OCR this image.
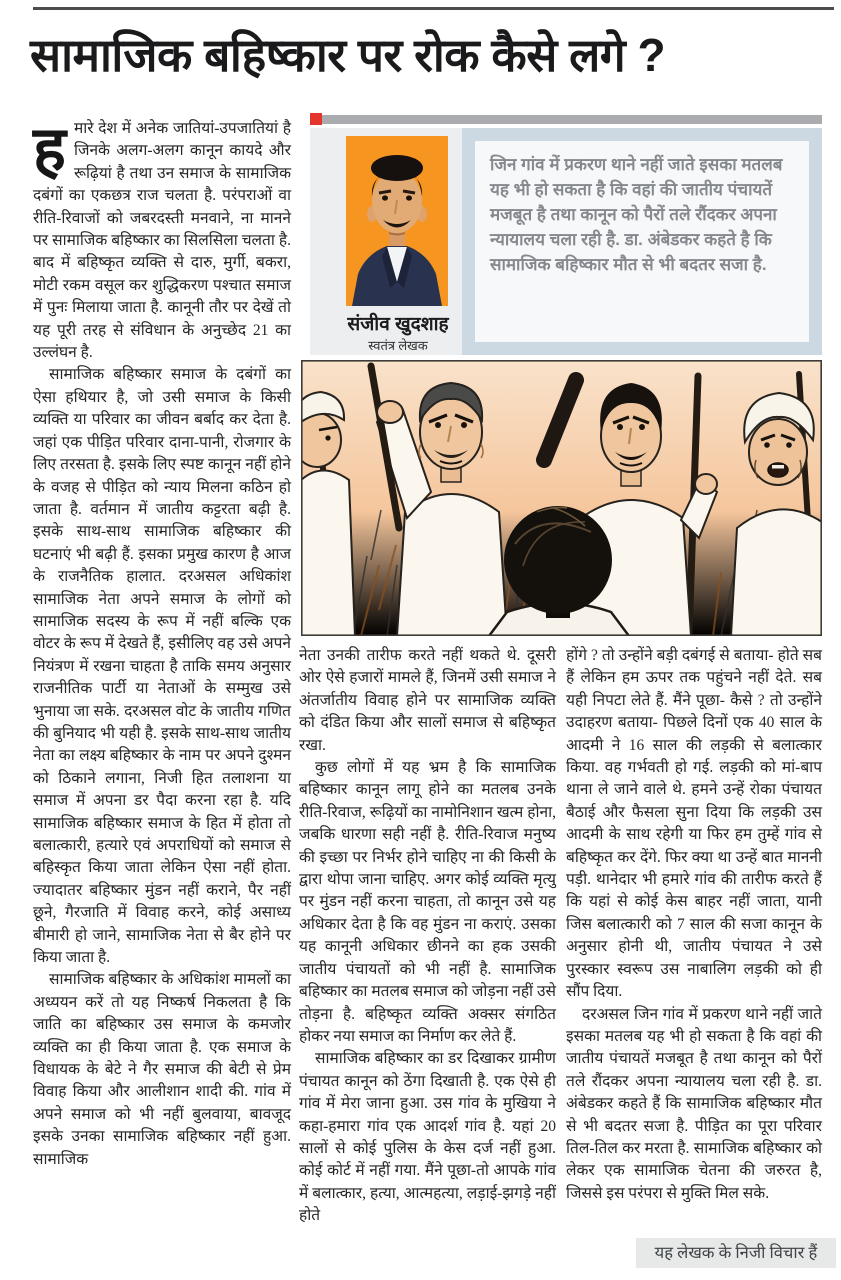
सामाजिक बहिष्कार पर रोक कैसे लगे ?

हमारे देश में अनेक जातियां-उपजातियां है जिनके अलग-अलग कानून कायदे और रूढ़ियां है तथा उन समाज के सामाजिक दबंगों का एकछत्र राज चलता है. परंपराओं वा रीति-रिवाजों को जबरदस्ती मनवाने, ना मानने पर सामाजिक बहिष्कार का सिलसिला चलता है. बाद में बहिष्कृत व्यक्ति से दारु, मुर्गी, बकरा, मोटी रकम वसूल कर शुद्धिकरण पश्चात समाज में पुनः मिलाया जाता है. कानूनी तौर पर देखें तो यह पूरी तरह से संविधान के अनुच्छेद 21 का उल्लंघन है.

सामाजिक बहिष्कार समाज के दबंगों का ऐसा हथियार है, जो उसी समाज के किसी व्यक्ति या परिवार का जीवन बर्बाद कर देता है. जहां एक पीड़ित परिवार दाना-पानी, रोजगार के लिए तरसता है. इसके लिए स्पष्ट कानून नहीं होने के वजह से पीड़ित को न्याय मिलना कठिन हो जाता है. वर्तमान में जातीय कट्टरता बढ़ी है. इसके साथ-साथ सामाजिक बहिष्कार की घटनाएं भी बढ़ी हैं. इसका प्रमुख कारण है आज के राजनैतिक हालात. दरअसल अधिकांश सामाजिक नेता अपने समाज के लोगों को सामाजिक सदस्य के रूप में नहीं बल्कि एक वोटर के रूप में देखते हैं, इसीलिए वह उसे अपने नियंत्रण में रखना चाहता है ताकि समय अनुसार राजनीतिक पार्टी या नेताओं के सम्मुख उसे भुनाया जा सके. दरअसल वोट के जातीय गणित की बुनियाद भी यही है. इसके साथ-साथ जातीय नेता का लक्ष्य बहिष्कार के नाम पर अपने दुश्मन को ठिकाने लगाना, निजी हित तलाशना या समाज में अपना डर पैदा करना रहा है. यदि सामाजिक बहिष्कार समाज के हित में होता तो बलात्कारी, हत्यारे एवं अपराधियों को समाज से बहिस्कृत किया जाता लेकिन ऐसा नहीं होता. ज्यादातर बहिष्कार मुंडन नहीं कराने, पैर नहीं छूने, गैरजाति में विवाह करने, कोई असाध्य बीमारी हो जाने, सामाजिक नेता से बैर होने पर किया जाता है.

सामाजिक बहिष्कार के अधिकांश मामलों का अध्ययन करें तो यह निष्कर्ष निकलता है कि जाति का बहिष्कार उस समाज के कमजोर व्यक्ति का ही किया जाता है. एक समाज के विधायक के बेटे ने गैर समाज की बेटी से प्रेम विवाह किया और आलीशान शादी की. गांव में अपने समाज को भी नहीं बुलवाया, बावजूद इसके उनका सामाजिक बहिष्कार नहीं हुआ. सामाजिक

संजीव खुदशाह
स्वतंत्र लेखक
जिन गांव में प्रकरण थाने नहीं जाते इसका मतलब यह भी हो सकता है कि वहां की जातीय पंचायतें मजबूत है तथा कानून को पैरों तले रौंदकर अपना न्यायालय चला रही है. डा. अंबेडकर कहते है कि सामाजिक बहिष्कार मौत से भी बदतर सजा है.

नेता उनकी तारीफ करते नहीं थकते थे. दूसरी ओर ऐसे हजारों मामले हैं, जिनमें उसी समाज ने अंतर्जातीय विवाह होने पर सामाजिक व्यक्ति को दंडित किया और सालों समाज से बहिष्कृत रखा.

कुछ लोगों में यह भ्रम है कि सामाजिक बहिष्कार कानून लागू होने का मतलब उनके रीति-रिवाज, रूढ़ियों का नामोनिशान खत्म होना, जबकि धारणा सही नहीं है. रीति-रिवाज मनुष्य की इच्छा पर निर्भर होने चाहिए ना की किसी के द्वारा थोपा जाना चाहिए. अगर कोई व्यक्ति मृत्यु पर मुंडन नहीं करना चाहता, तो कानून उसे यह अधिकार देता है कि वह मुंडन ना कराएं. उसका यह कानूनी अधिकार छीनने का हक उसकी जातीय पंचायतों को भी नहीं है. सामाजिक बहिष्कार का मतलब समाज को जोड़ना नहीं उसे तोड़ना है. बहिष्कृत व्यक्ति अक्सर संगठित होकर नया समाज का निर्माण कर लेते हैं.

सामाजिक बहिष्कार का डर दिखाकर ग्रामीण पंचायत कानून को ठेंगा दिखाती है. एक ऐसे ही गांव में मेरा जाना हुआ. उस गांव के मुखिया ने कहा-हमारा गांव एक आदर्श गांव है. यहां 20 सालों से कोई पुलिस के केस दर्ज नहीं हुआ. कोई कोर्ट में नहीं गया. मैंने पूछा-तो आपके गांव में बलात्कार, हत्या, आत्महत्या, लड़ाई-झगड़े नहीं होते

होंगे ? तो उन्होंने बड़ी दबंगई से बताया- होते सब हैं लेकिन हम ऊपर तक पहुंचने नहीं देते. सब यही निपटा लेते हैं. मैंने पूछा- कैसे ? तो उन्होंने उदाहरण बताया- पिछले दिनों एक 40 साल के आदमी ने 16 साल की लड़की से बलात्कार किया. वह गर्भवती हो गई. लड़की को मां-बाप थाना ले जाने वाले थे. हमने उन्हें रोका पंचायत बैठाई और फैसला सुना दिया कि लड़की उस आदमी के साथ रहेगी या फिर हम तुम्हें गांव से बहिष्कृत कर देंगे. फिर क्या था उन्हें बात माननी पड़ी. थानेदार भी हमारे गांव की तारीफ करते हैं कि यहां से कोई केस बाहर नहीं जाता, यानी जिस बलात्कारी को 7 साल की सजा कानून के अनुसार होनी थी, जातीय पंचायत ने उसे पुरस्कार स्वरूप उस नाबालिग लड़की को ही सौंप दिया.

दरअसल जिन गांव में प्रकरण थाने नहीं जाते इसका मतलब यह भी हो सकता है कि वहां की जातीय पंचायतें मजबूत है तथा कानून को पैरों तले रौंदकर अपना न्यायालय चला रही है. डा. अंबेडकर कहते हैं कि सामाजिक बहिष्कार मौत से भी बदतर सजा है. पीड़ित का पूरा परिवार तिल-तिल कर मरता है. सामाजिक बहिष्कार को लेकर एक सामाजिक चेतना की जरुरत है, जिससे इस परंपरा से मुक्ति मिल सके.

यह लेखक के निजी विचार हैं
